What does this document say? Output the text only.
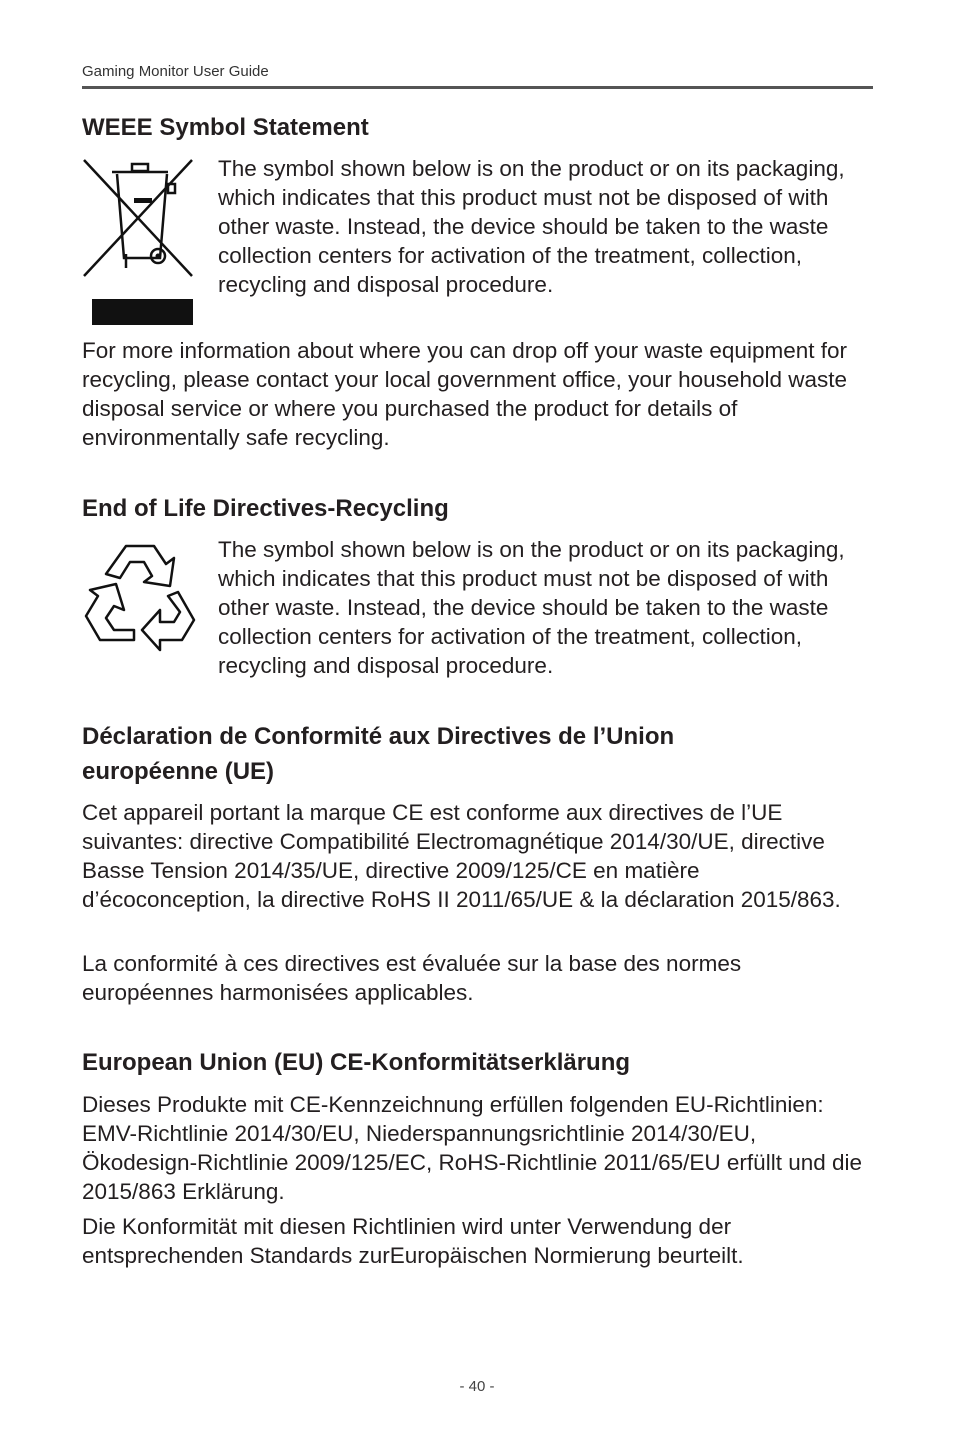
Gaming Monitor User Guide
WEEE Symbol Statement

The symbol shown below is on the product or on its packaging, which indicates that this product must not be disposed of with other waste. Instead, the device should be taken to the waste collection centers for activation of the treatment, collection, recycling and disposal procedure.

For more information about where you can drop off your waste equipment for recycling, please contact your local government office, your household waste disposal service or where you purchased the product for details of environmentally safe recycling.

End of Life Directives-Recycling

The symbol shown below is on the product or on its packaging, which indicates that this product must not be disposed of with other waste. Instead, the device should be taken to the waste collection centers for activation of the treatment, collection, recycling and disposal procedure.

Déclaration de Conformité aux Directives de l’Union européenne (UE)

Cet appareil portant la marque CE est conforme aux directives de l’UE suivantes: directive Compatibilité Electromagnétique 2014/30/UE, directive Basse Tension 2014/35/UE, directive 2009/125/CE en matière d’écoconception, la directive RoHS II 2011/65/UE & la déclaration 2015/863.

La conformité à ces directives est évaluée sur la base des normes européennes harmonisées applicables.

European Union (EU) CE-Konformitätserklärung

Dieses Produkte mit CE-Kennzeichnung erfüllen folgenden EU-Richtlinien: EMV-Richtlinie 2014/30/EU, Niederspannungsrichtlinie 2014/30/EU, Ökodesign-Richtlinie 2009/125/EC, RoHS-Richtlinie 2011/65/EU erfüllt und die 2015/863 Erklärung.

Die Konformität mit diesen Richtlinien wird unter Verwendung der entsprechenden Standards zurEuropäischen Normierung beurteilt.

- 40 -
